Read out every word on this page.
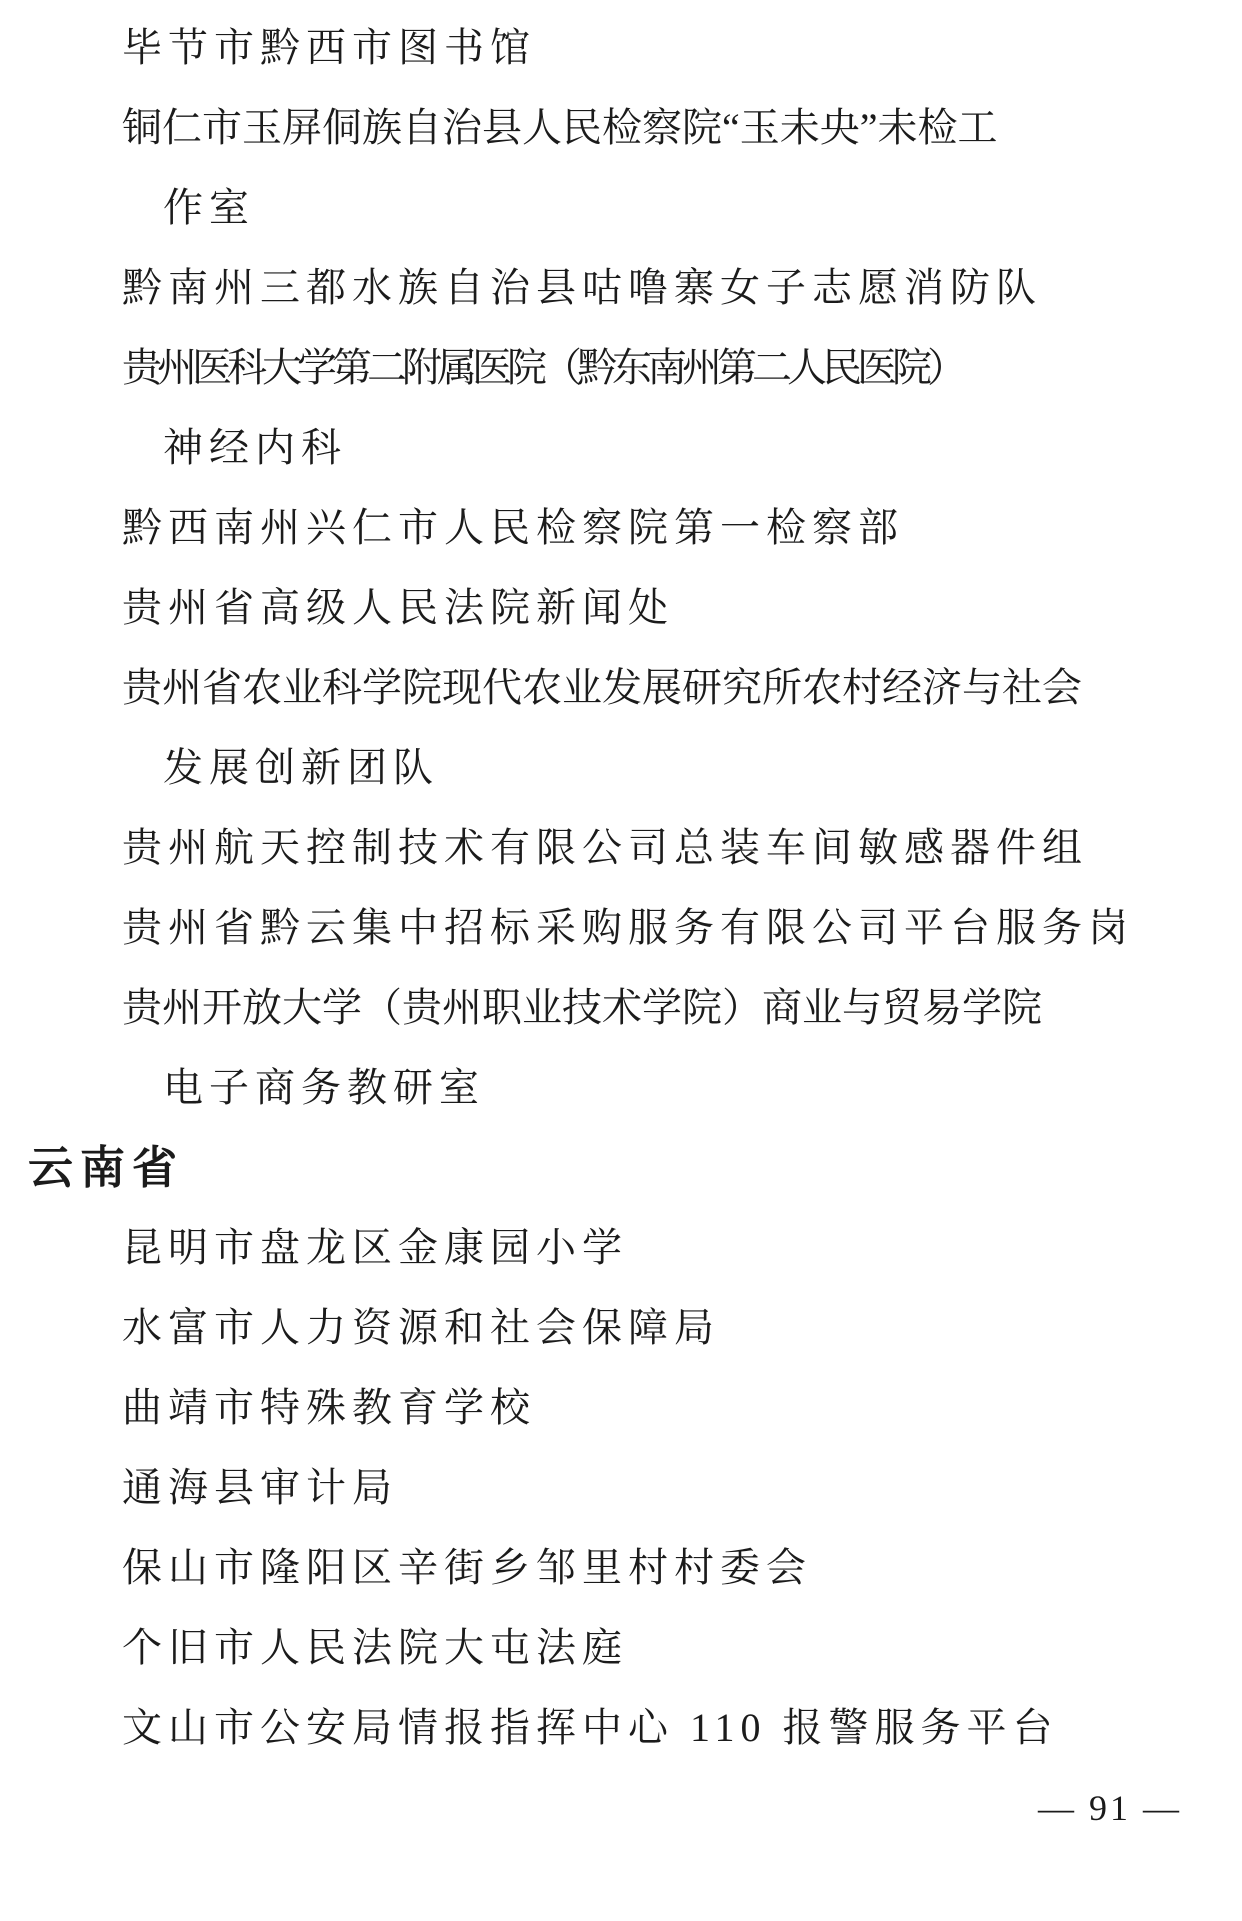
毕节市黔西市图书馆
铜仁市玉屏侗族自治县人民检察院“玉未央”未检工
作室
黔南州三都水族自治县咕噜寨女子志愿消防队
贵州医科大学第二附属医院（黔东南州第二人民医院）
神经内科
黔西南州兴仁市人民检察院第一检察部
贵州省高级人民法院新闻处
贵州省农业科学院现代农业发展研究所农村经济与社会
发展创新团队
贵州航天控制技术有限公司总装车间敏感器件组
贵州省黔云集中招标采购服务有限公司平台服务岗
贵州开放大学（贵州职业技术学院）商业与贸易学院
电子商务教研室
云南省
昆明市盘龙区金康园小学
水富市人力资源和社会保障局
曲靖市特殊教育学校
通海县审计局
保山市隆阳区辛街乡邹里村村委会
个旧市人民法院大屯法庭
文山市公安局情报指挥中心 110 报警服务平台
— 91 —
